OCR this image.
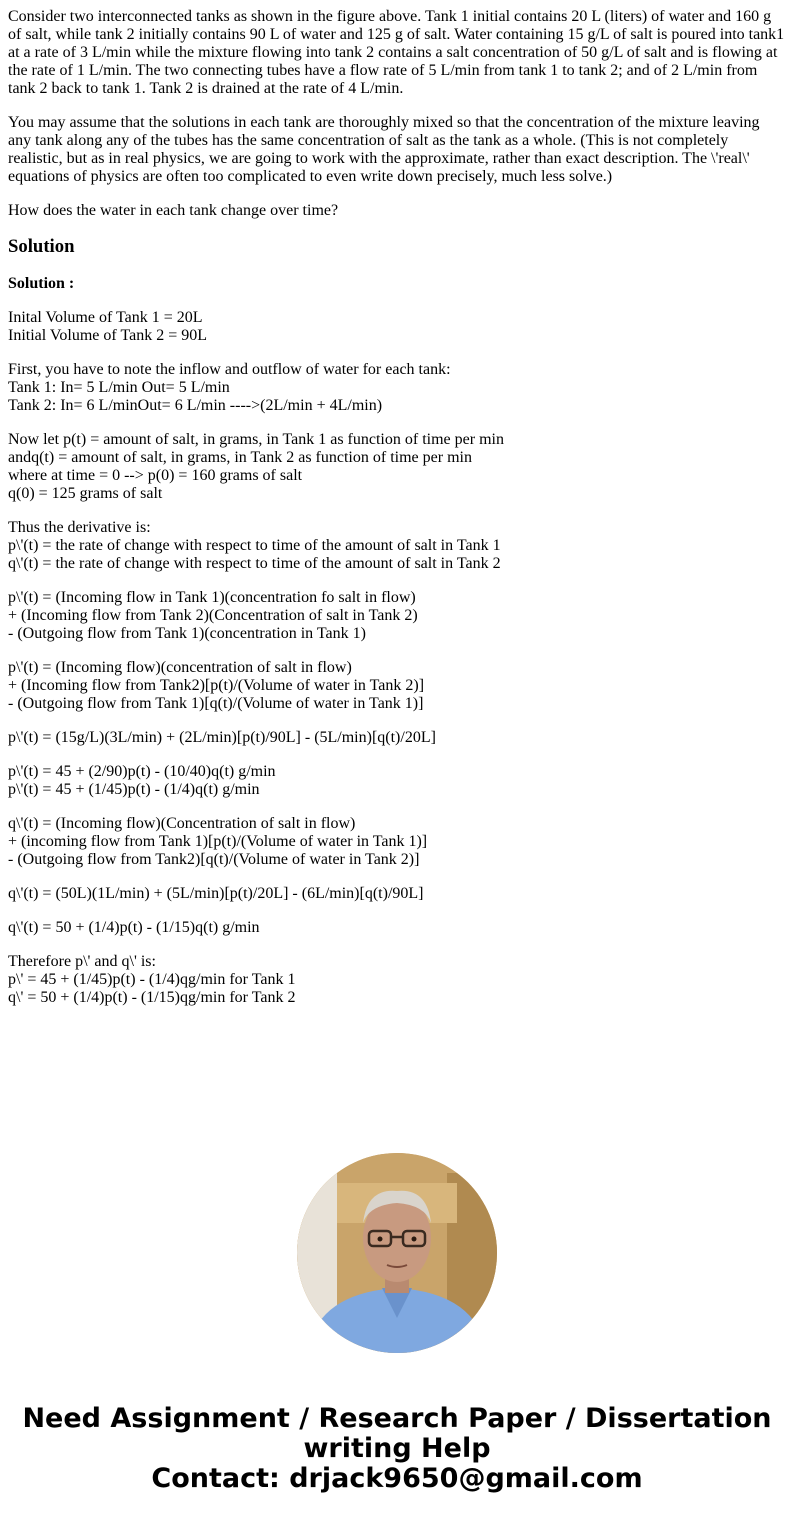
Consider two interconnected tanks as shown in the figure above. Tank 1 initial contains 20 L (liters) of water and 160 g of salt, while tank 2 initially contains 90 L of water and 125 g of salt. Water containing 15 g/L of salt is poured into tank1 at a rate of 3 L/min while the mixture flowing into tank 2 contains a salt concentration of 50 g/L of salt and is flowing at the rate of 1 L/min. The two connecting tubes have a flow rate of 5 L/min from tank 1 to tank 2; and of 2 L/min from tank 2 back to tank 1. Tank 2 is drained at the rate of 4 L/min.

You may assume that the solutions in each tank are thoroughly mixed so that the concentration of the mixture leaving any tank along any of the tubes has the same concentration of salt as the tank as a whole. (This is not completely realistic, but as in real physics, we are going to work with the approximate, rather than exact description. The \'real\' equations of physics are often too complicated to even write down precisely, much less solve.)

How does the water in each tank change over time?

Solution

Solution :

Inital Volume of Tank 1 = 20L
Initial Volume of Tank 2 = 90L

First, you have to note the inflow and outflow of water for each tank:
Tank 1: In= 5 L/min Out= 5 L/min
Tank 2: In= 6 L/minOut= 6 L/min ---->(2L/min + 4L/min)

Now let p(t) = amount of salt, in grams, in Tank 1 as function of time per min
andq(t) = amount of salt, in grams, in Tank 2 as function of time per min
where at time = 0 --> p(0) = 160 grams of salt
q(0) = 125 grams of salt

Thus the derivative is:
p\'(t) = the rate of change with respect to time of the amount of salt in Tank 1
q\'(t) = the rate of change with respect to time of the amount of salt in Tank 2

p\'(t) = (Incoming flow in Tank 1)(concentration fo salt in flow)
+ (Incoming flow from Tank 2)(Concentration of salt in Tank 2)
- (Outgoing flow from Tank 1)(concentration in Tank 1)

p\'(t) = (Incoming flow)(concentration of salt in flow)
+ (Incoming flow from Tank2)[p(t)/(Volume of water in Tank 2)]
- (Outgoing flow from Tank 1)[q(t)/(Volume of water in Tank 1)]

p\'(t) = (15g/L)(3L/min) + (2L/min)[p(t)/90L] - (5L/min)[q(t)/20L]

p\'(t) = 45 + (2/90)p(t) - (10/40)q(t) g/min
p\'(t) = 45 + (1/45)p(t) - (1/4)q(t) g/min

q\'(t) = (Incoming flow)(Concentration of salt in flow)
+ (incoming flow from Tank 1)[p(t)/(Volume of water in Tank 1)]
- (Outgoing flow from Tank2)[q(t)/(Volume of water in Tank 2)]

q\'(t) = (50L)(1L/min) + (5L/min)[p(t)/20L] - (6L/min)[q(t)/90L]

q\'(t) = 50 + (1/4)p(t) - (1/15)q(t) g/min

Therefore p\' and q\' is:
p\' = 45 + (1/45)p(t) - (1/4)qg/min for Tank 1
q\' = 50 + (1/4)p(t) - (1/15)qg/min for Tank 2

Need Assignment / Research Paper / Dissertation
writing Help
Contact: drjack9650@gmail.com
